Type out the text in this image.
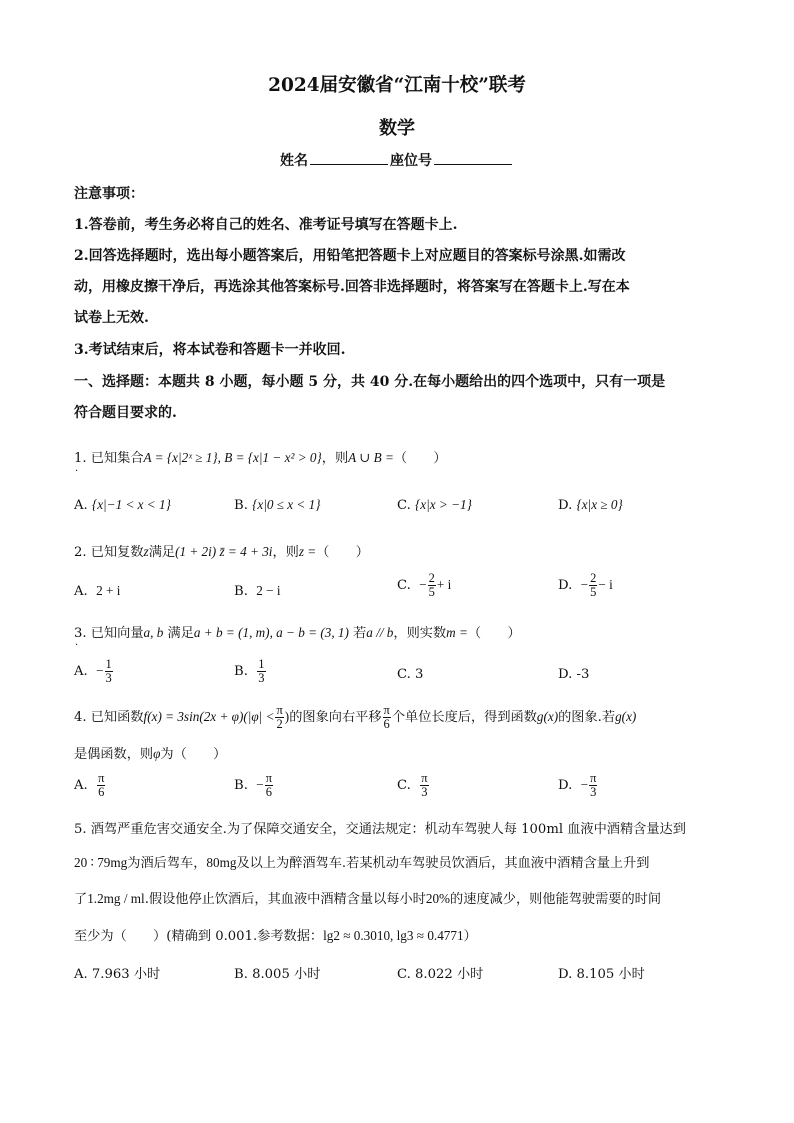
2024届安徽省“江南十校”联考
数学
姓名	座位号
注意事项：
1.答卷前，考生务必将自己的姓名、准考证号填写在答题卡上.
2.回答选择题时，选出每小题答案后，用铅笔把答题卡上对应题目的答案标号涂黑.如需改
动，用橡皮擦干净后，再选涂其他答案标号.回答非选择题时，将答案写在答题卡上.写在本
试卷上无效.
3.考试结束后，将本试卷和答题卡一并收回.
一、选择题：本题共 8 小题，每小题 5 分，共 40 分.在每小题给出的四个选项中，只有一项是
符合题目要求的.
1. 已知集合A = {x|2ˣ ≥ 1}, B = {x|1 − x² > 0}，则A ∪ B =（　　）
·
A. {x|−1 < x < 1}	B. {x|0 ≤ x < 1}	C. {x|x > −1}	D. {x|x ≥ 0}
2. 已知复数z满足(1 + 2i) z̄ = 4 + 3i，则z =（　　）
A. 2 + i	B. 2 − i	C. − $\frac{2}{5} + i$	D. − $\frac{2}{5} - i$
3. 已知向量a, b 满足a + b = (1, m), a − b = (3, 1) 若a // b，则实数m =（　　）
·
A. − $\frac{1}{3}$	B. $\frac{1}{3}$	C. 3	D. -3
4. 已知函数$f(x) = 3\sin(2x + \varphi)(|\varphi| < \frac{\pi}{2}$ )的图象向右平移 $\frac{\pi}{6}$ 个单位长度后，得到函数g(x)的图象.若g(x)
是偶函数，则φ为（　　）
A. $\frac{\pi}{6}$	B. − $\frac{\pi}{6}$	C. $\frac{\pi}{3}$	D. − $\frac{\pi}{3}$
5. 酒驾严重危害交通安全.为了保障交通安全，交通法规定：机动车驾驶人每 100ml 血液中酒精含量达到
20 ∶ 79mg为酒后驾车，80mg及以上为醉酒驾车.若某机动车驾驶员饮酒后，其血液中酒精含量上升到
了1.2mg / ml.假设他停止饮酒后，其血液中酒精含量以每小时20%的速度减少，则他能驾驶需要的时间
至少为（　　）(精确到 0.001.参考数据：lg2 ≈ 0.3010, lg3 ≈ 0.4771）
A. 7.963 小时	B. 8.005 小时	C. 8.022 小时	D. 8.105 小时
